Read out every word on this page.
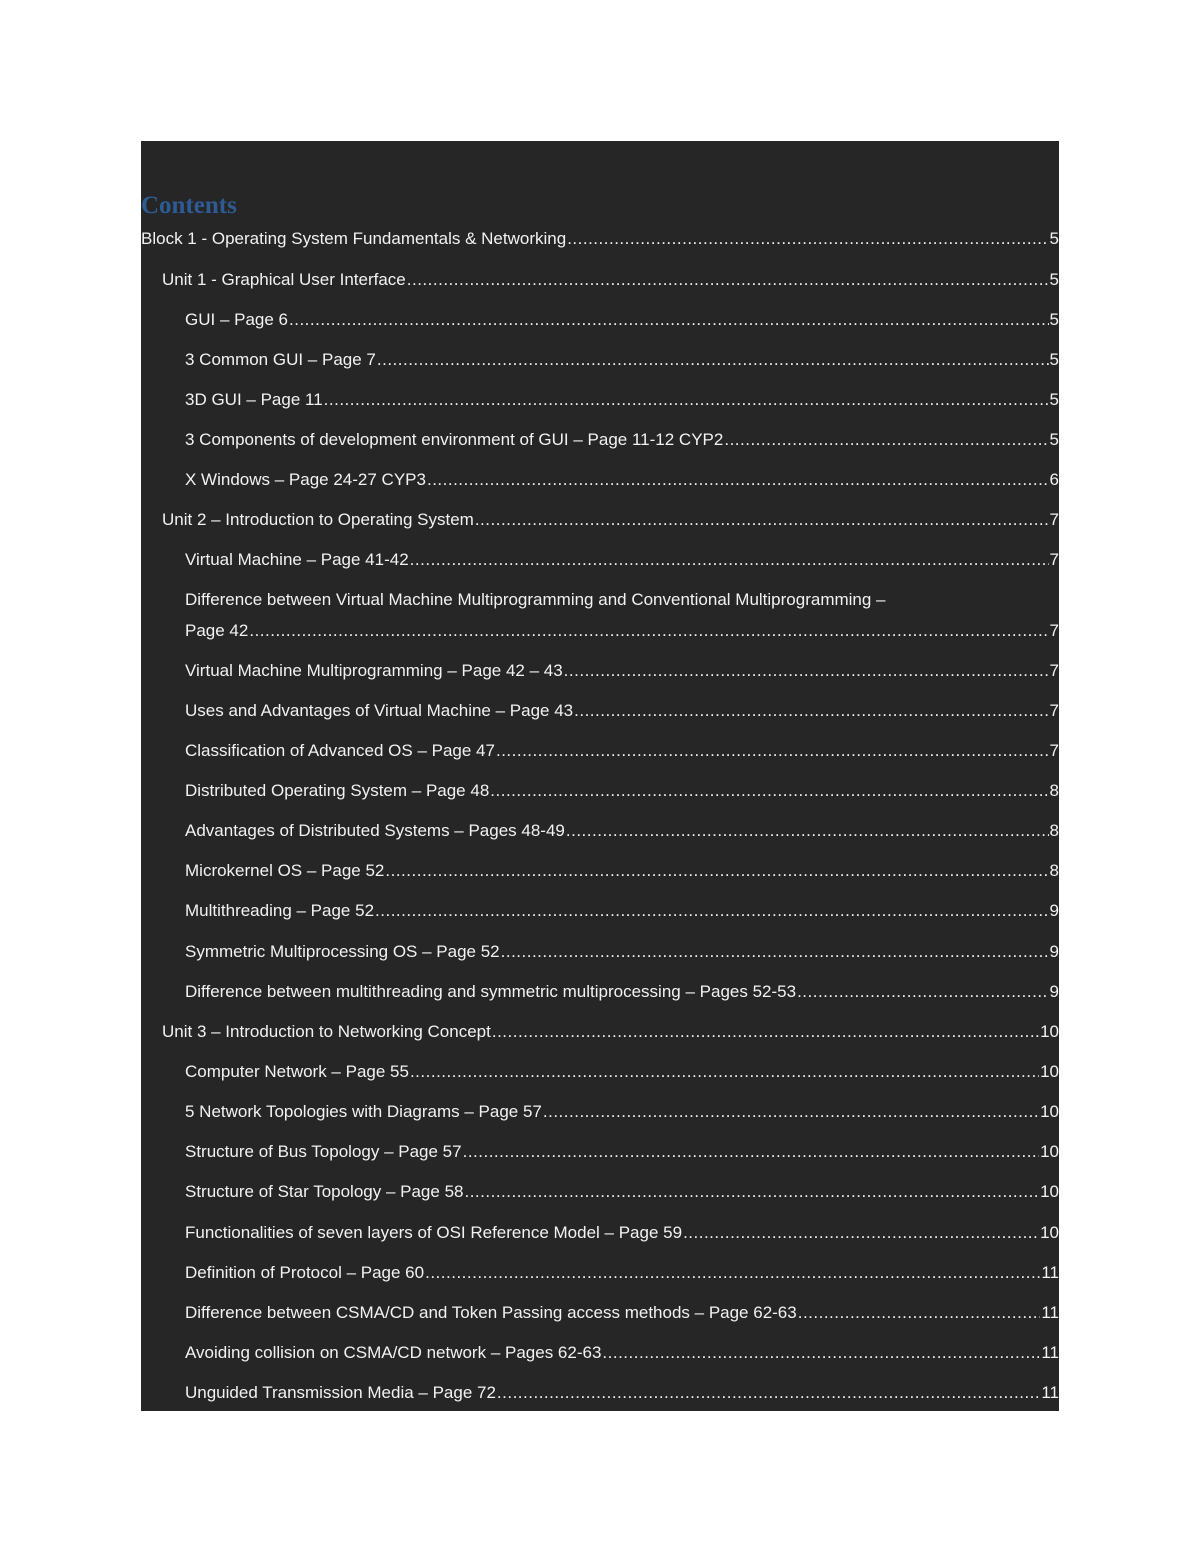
Contents
Block 1 - Operating System Fundamentals & Networking .....	5
Unit 1 - Graphical User Interface .....	5
GUI – Page 6 .....	5
3 Common GUI – Page 7 .....	5
3D GUI – Page 11 .....	5
3 Components of development environment of GUI – Page 11-12 CYP2 .....	5
X Windows – Page 24-27 CYP3 .....	6
Unit 2 – Introduction to Operating System .....	7
Virtual Machine – Page 41-42 .....	7
Difference between Virtual Machine Multiprogramming and Conventional Multiprogramming –
Page 42 .....	7
Virtual Machine Multiprogramming – Page 42 – 43 .....	7
Uses and Advantages of Virtual Machine – Page 43 .....	7
Classification of Advanced OS – Page 47 .....	7
Distributed Operating System – Page 48 .....	8
Advantages of Distributed Systems – Pages 48-49 .....	8
Microkernel OS – Page 52 .....	8
Multithreading – Page 52 .....	9
Symmetric Multiprocessing OS – Page 52 .....	9
Difference between multithreading and symmetric multiprocessing – Pages 52-53 .....	9
Unit 3 – Introduction to Networking Concept .....	10
Computer Network – Page 55 .....	10
5 Network Topologies with Diagrams – Page 57 .....	10
Structure of Bus Topology – Page 57 .....	10
Structure of Star Topology – Page 58 .....	10
Functionalities of seven layers of OSI Reference Model – Page 59 .....	10
Definition of Protocol – Page 60 .....	11
Difference between CSMA/CD and Token Passing access methods – Page 62-63 .....	11
Avoiding collision on CSMA/CD network – Pages 62-63 .....	11
Unguided Transmission Media – Page 72 .....	11
